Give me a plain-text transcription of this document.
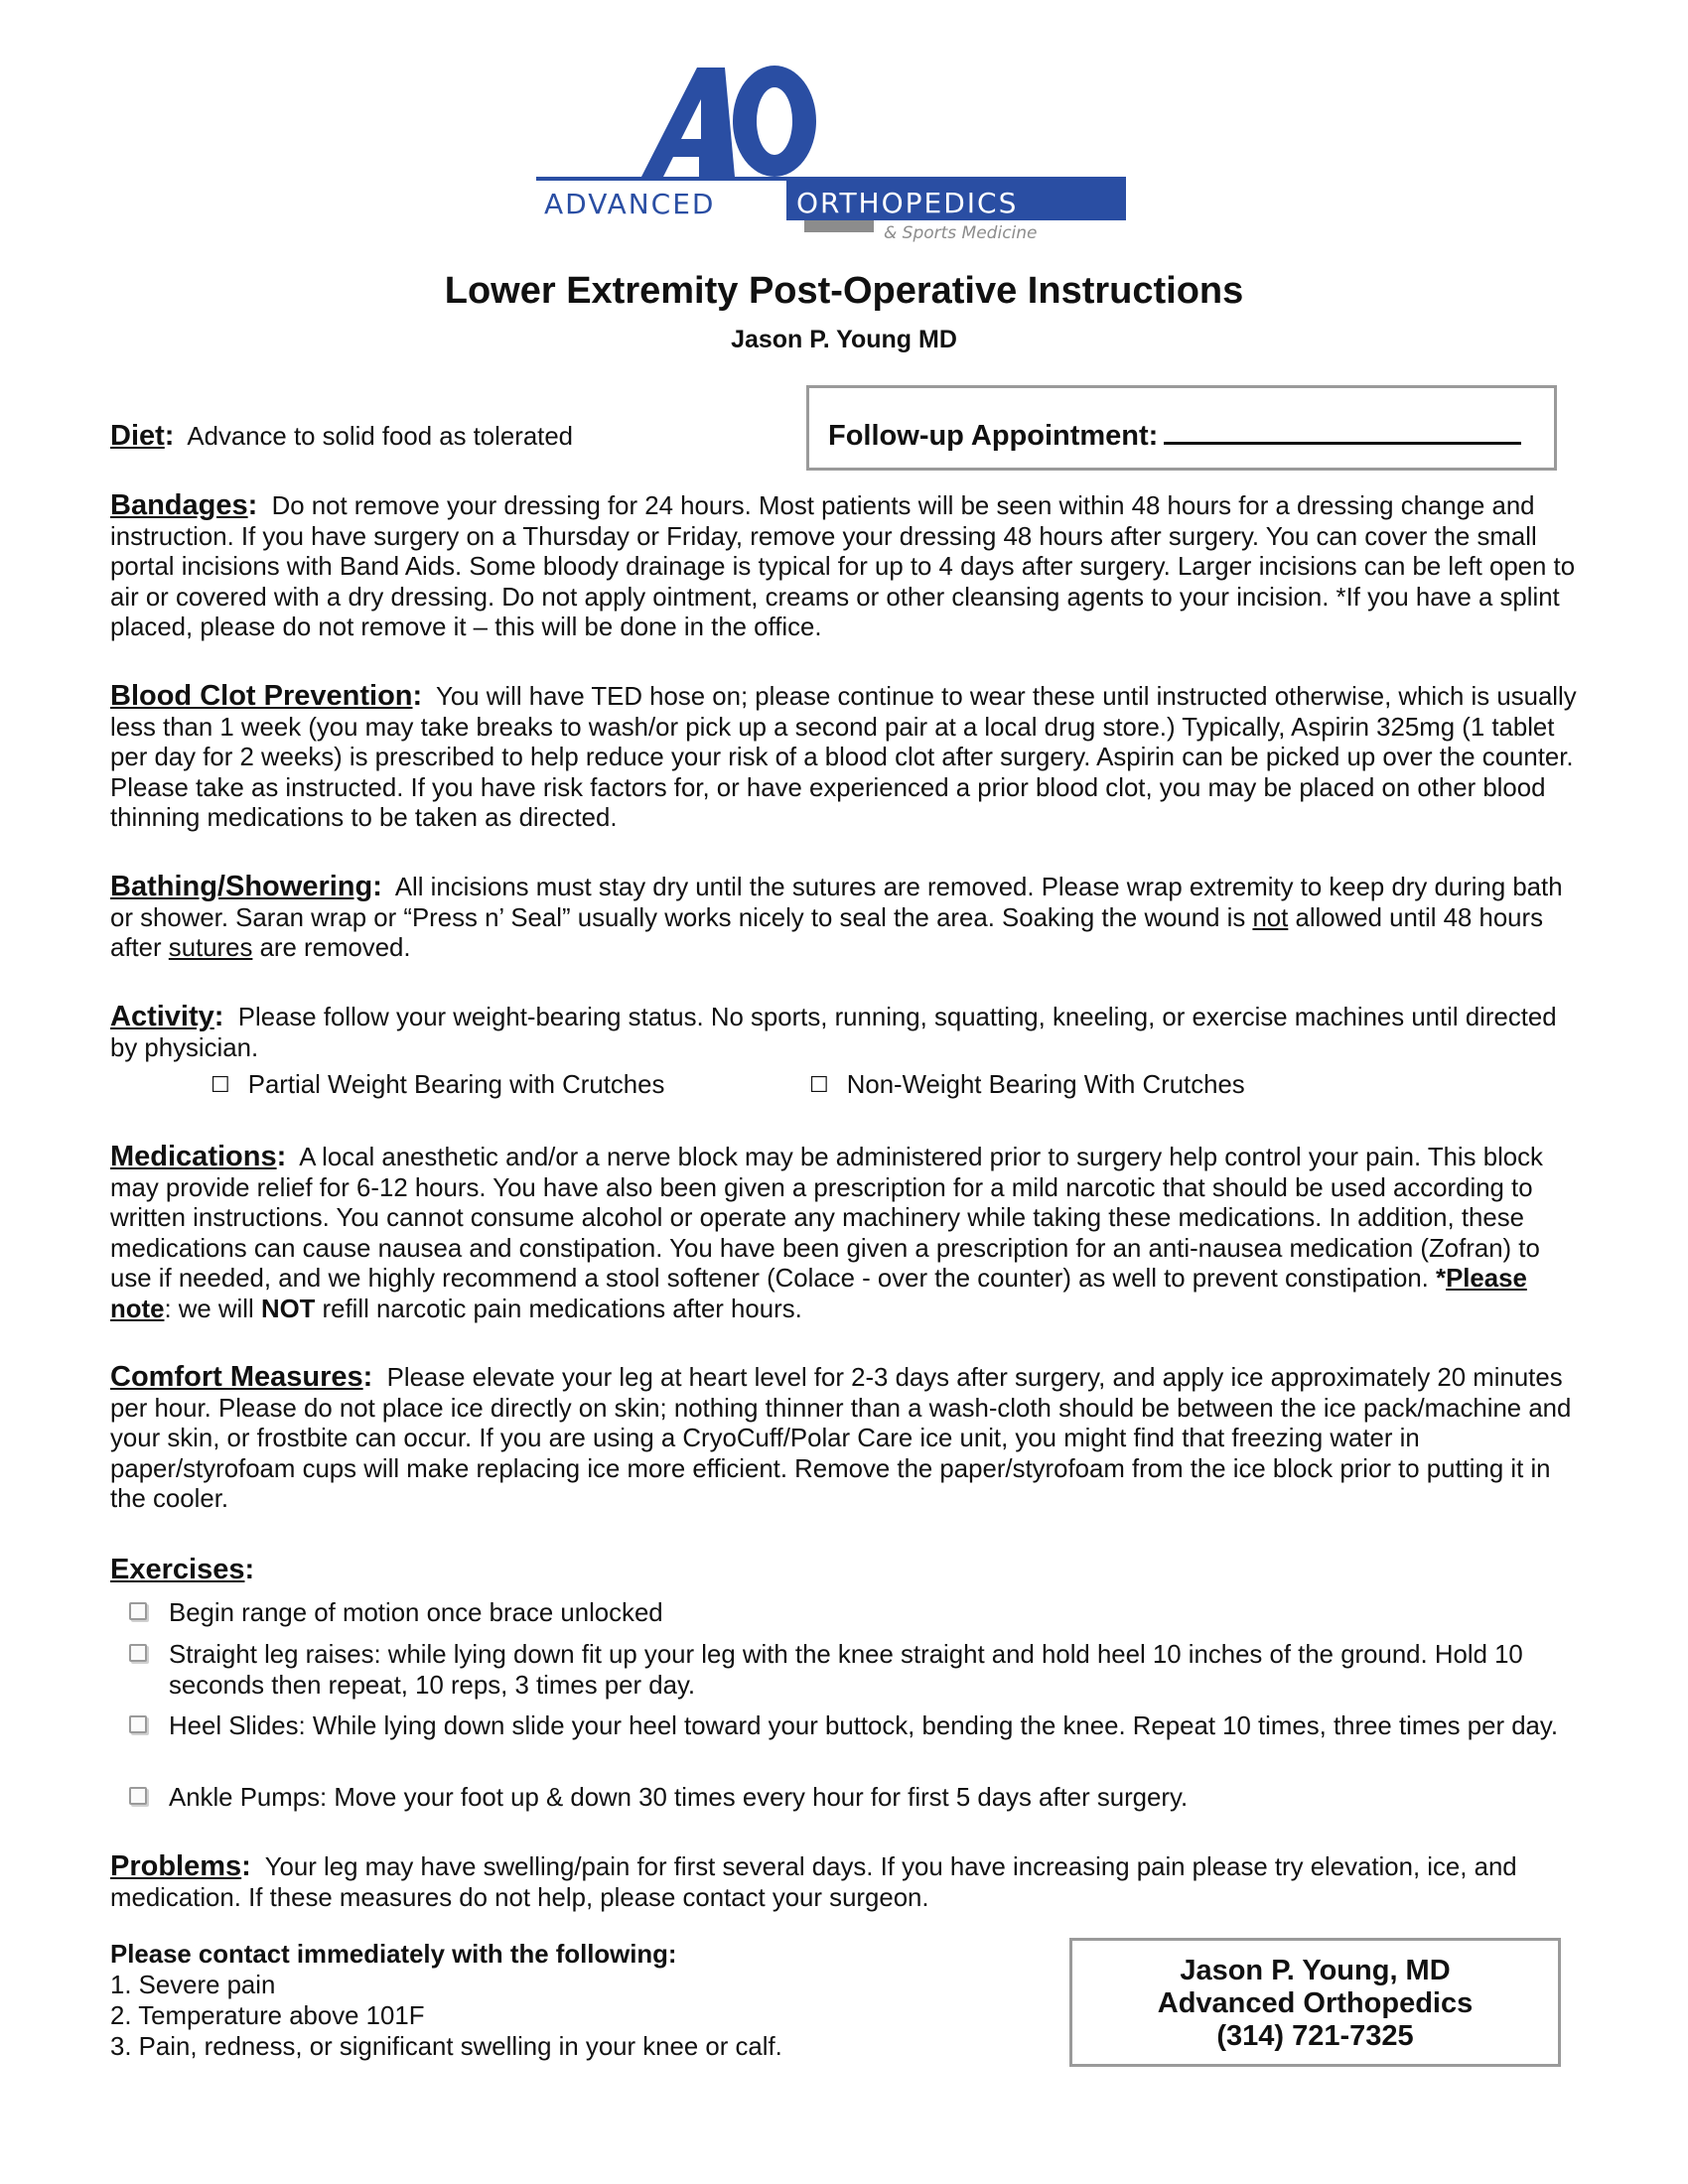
ADVANCED	ORTHOPEDICS
& Sports Medicine
Lower Extremity Post-Operative Instructions
Jason P. Young MD
Diet: Advance to solid food as tolerated	Follow-up Appointment:
Bandages: Do not remove your dressing for 24 hours. Most patients will be seen within 48 hours for a dressing change and instruction. If you have surgery on a Thursday or Friday, remove your dressing 48 hours after surgery. You can cover the small portal incisions with Band Aids. Some bloody drainage is typical for up to 4 days after surgery. Larger incisions can be left open to air or covered with a dry dressing. Do not apply ointment, creams or other cleansing agents to your incision. *If you have a splint placed, please do not remove it – this will be done in the office.
Blood Clot Prevention: You will have TED hose on; please continue to wear these until instructed otherwise, which is usually less than 1 week (you may take breaks to wash/or pick up a second pair at a local drug store.) Typically, Aspirin 325mg (1 tablet per day for 2 weeks) is prescribed to help reduce your risk of a blood clot after surgery. Aspirin can be picked up over the counter. Please take as instructed. If you have risk factors for, or have experienced a prior blood clot, you may be placed on other blood thinning medications to be taken as directed.
Bathing/Showering: All incisions must stay dry until the sutures are removed. Please wrap extremity to keep dry during bath or shower. Saran wrap or “Press n’ Seal” usually works nicely to seal the area. Soaking the wound is not allowed until 48 hours after sutures are removed.
Activity: Please follow your weight-bearing status. No sports, running, squatting, kneeling, or exercise machines until directed by physician.
☐ Partial Weight Bearing with Crutches	☐ Non-Weight Bearing With Crutches
Medications: A local anesthetic and/or a nerve block may be administered prior to surgery help control your pain. This block may provide relief for 6-12 hours. You have also been given a prescription for a mild narcotic that should be used according to written instructions. You cannot consume alcohol or operate any machinery while taking these medications. In addition, these medications can cause nausea and constipation. You have been given a prescription for an anti-nausea medication (Zofran) to use if needed, and we highly recommend a stool softener (Colace - over the counter) as well to prevent constipation. *Please note: we will NOT refill narcotic pain medications after hours.
Comfort Measures: Please elevate your leg at heart level for 2-3 days after surgery, and apply ice approximately 20 minutes per hour. Please do not place ice directly on skin; nothing thinner than a wash-cloth should be between the ice pack/machine and your skin, or frostbite can occur. If you are using a CryoCuff/Polar Care ice unit, you might find that freezing water in paper/styrofoam cups will make replacing ice more efficient. Remove the paper/styrofoam from the ice block prior to putting it in the cooler.
Exercises:
Begin range of motion once brace unlocked
Straight leg raises: while lying down fit up your leg with the knee straight and hold heel 10 inches of the ground. Hold 10 seconds then repeat, 10 reps, 3 times per day.
Heel Slides: While lying down slide your heel toward your buttock, bending the knee. Repeat 10 times, three times per day.
Ankle Pumps: Move your foot up & down 30 times every hour for first 5 days after surgery.
Problems: Your leg may have swelling/pain for first several days. If you have increasing pain please try elevation, ice, and medication. If these measures do not help, please contact your surgeon.
Please contact immediately with the following:
1. Severe pain
2. Temperature above 101F
3. Pain, redness, or significant swelling in your knee or calf.
Jason P. Young, MD
Advanced Orthopedics
(314) 721-7325
